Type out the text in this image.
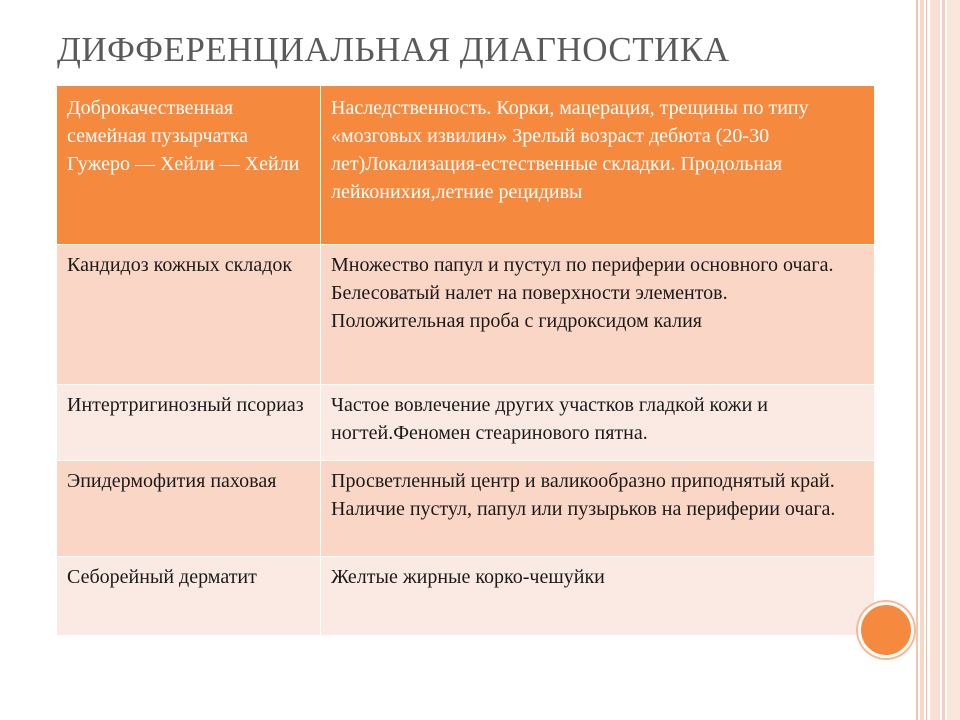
ДИФФЕРЕНЦИАЛЬНАЯ ДИАГНОСТИКА
Доброкачественная семейная пузырчатка Гужеро — Хейли — Хейли	Наследственность. Корки, мацерация, трещины по типу «мозговых извилин» Зрелый возраст дебюта (20-30 лет)Локализация-естественные складки. Продольная лейконихия,летние рецидивы
Кандидоз кожных складок	Множество папул и пустул по периферии основного очага. Белесоватый налет на поверхности элементов. Положительная проба с гидроксидом калия
Интертригинозный псориаз	Частое вовлечение других участков гладкой кожи и ногтей.Феномен стеаринового пятна.
Эпидермофития паховая	Просветленный центр и валикообразно приподнятый край. Наличие пустул, папул или пузырьков на периферии очага.
Себорейный дерматит	Желтые жирные корко-чешуйки
